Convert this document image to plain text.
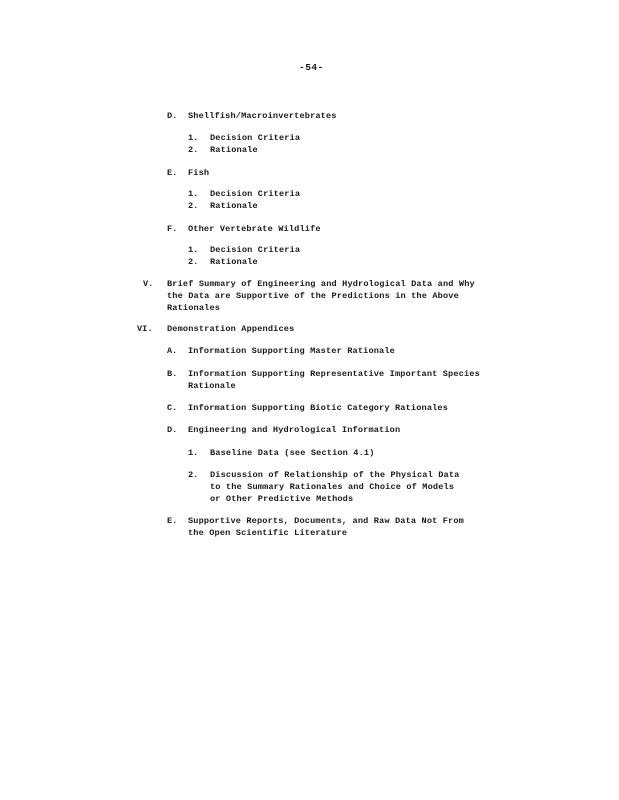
-54-
D. Shellfish/Macroinvertebrates
1. Decision Criteria
2. Rationale
E. Fish
1. Decision Criteria
2. Rationale
F. Other Vertebrate Wildlife
1. Decision Criteria
2. Rationale
V. Brief Summary of Engineering and Hydrological Data and Why
the Data are Supportive of the Predictions in the Above
Rationales
VI. Demonstration Appendices
A. Information Supporting Master Rationale
B. Information Supporting Representative Important Species
Rationale
C. Information Supporting Biotic Category Rationales
D. Engineering and Hydrological Information
1. Baseline Data (see Section 4.1)
2. Discussion of Relationship of the Physical Data
to the Summary Rationales and Choice of Models
or Other Predictive Methods
E. Supportive Reports, Documents, and Raw Data Not From
the Open Scientific Literature
